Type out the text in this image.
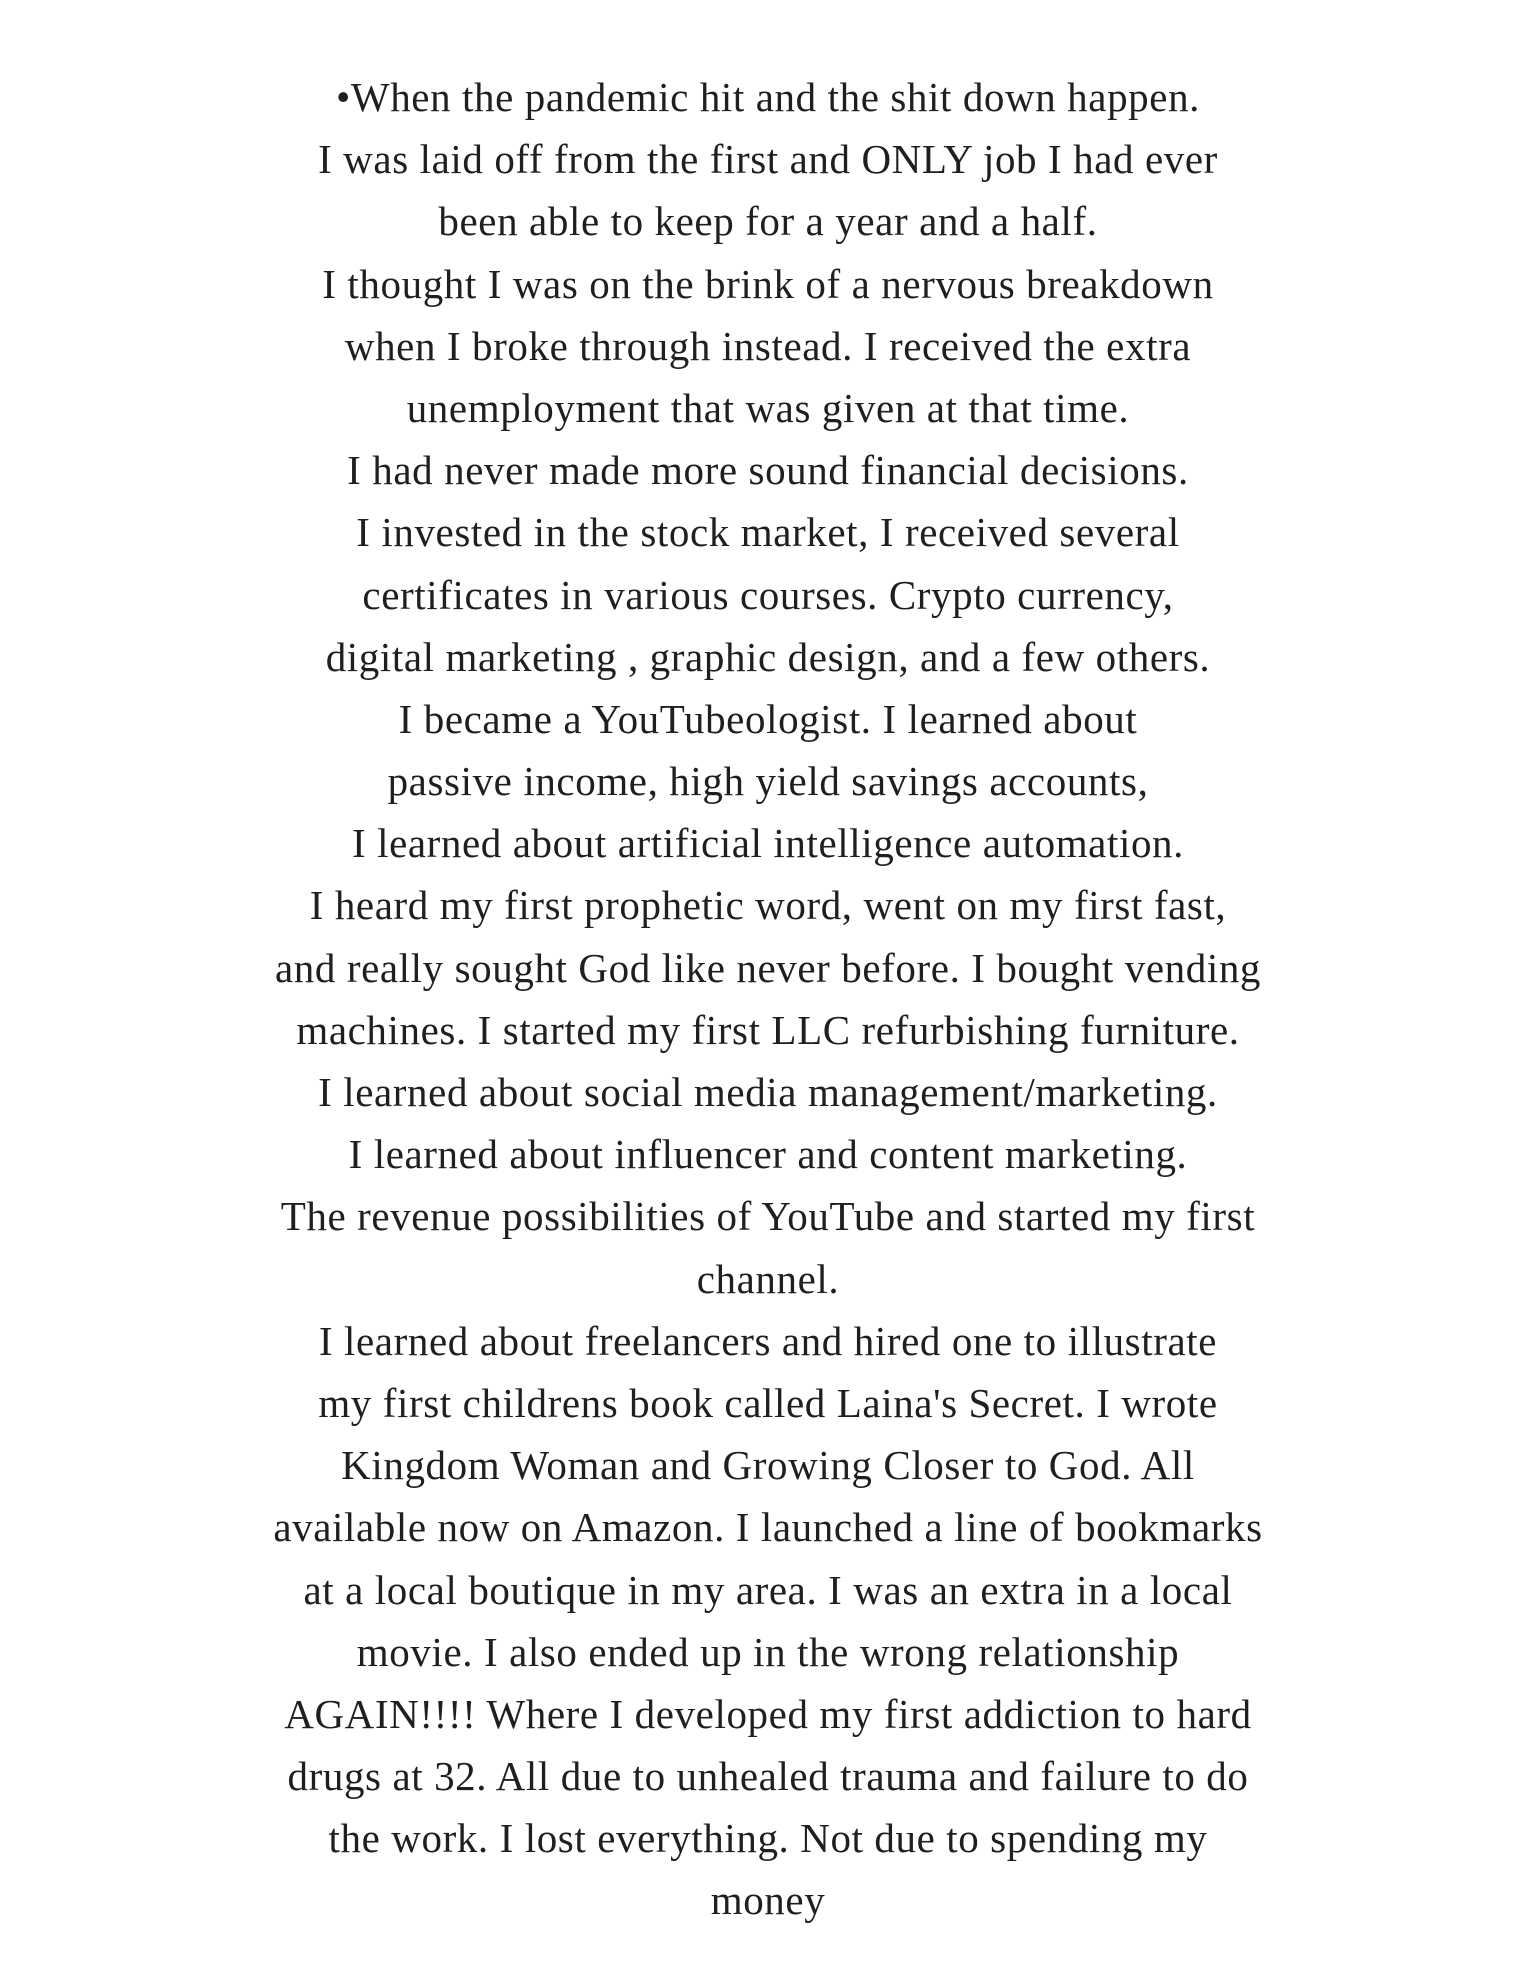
•When the pandemic hit and the shit down happen.
I was laid off from the first and ONLY job I had ever
been able to keep for a year and a half.
I thought I was on the brink of a nervous breakdown
when I broke through instead. I received the extra
unemployment that was given at that time.
I had never made more sound financial decisions.
I invested in the stock market, I received several
certificates in various courses. Crypto currency,
digital marketing , graphic design, and a few others.
I became a YouTubeologist. I learned about
passive income, high yield savings accounts,
I learned about artificial intelligence automation.
I heard my first prophetic word, went on my first fast,
and really sought God like never before. I bought vending
machines. I started my first LLC refurbishing furniture.
I learned about social media management/marketing.
I learned about influencer and content marketing.
The revenue possibilities of YouTube and started my first
channel.
I learned about freelancers and hired one to illustrate
my first childrens book called Laina's Secret. I wrote
Kingdom Woman and Growing Closer to God. All
available now on Amazon. I launched a line of bookmarks
at a local boutique in my area. I was an extra in a local
movie. I also ended up in the wrong relationship
AGAIN!!!! Where I developed my first addiction to hard
drugs at 32. All due to unhealed trauma and failure to do
the work. I lost everything. Not due to spending my
money
